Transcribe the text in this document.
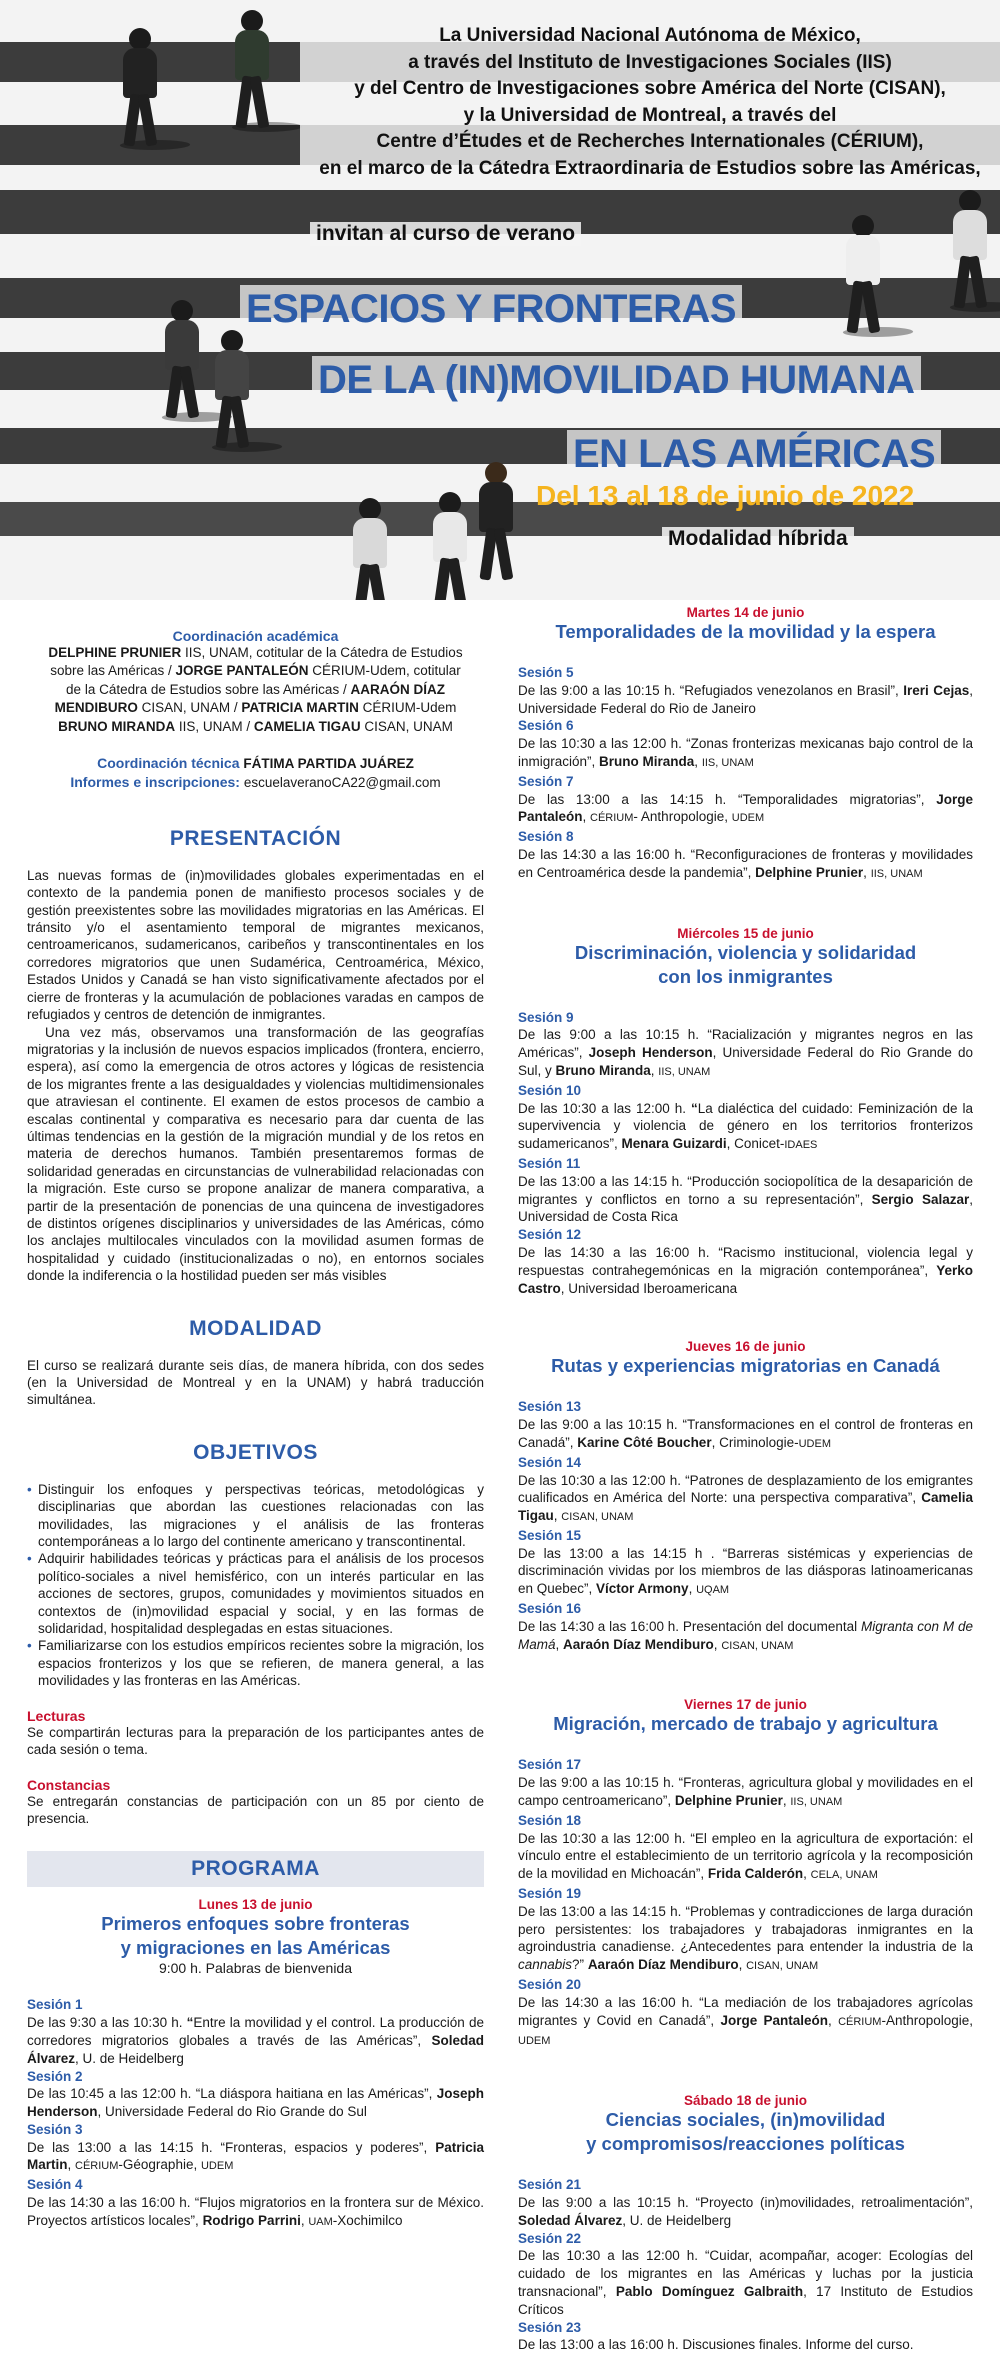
La Universidad Nacional Autónoma de México,
a través del Instituto de Investigaciones Sociales (IIS)
y del Centro de Investigaciones sobre América del Norte (CISAN),
y la Universidad de Montreal, a través del
Centre d’Études et de Recherches Internationales (CÉRIUM),
en el marco de la Cátedra Extraordinaria de Estudios sobre las Américas,
invitan al curso de verano
ESPACIOS Y FRONTERAS
DE LA (IN)MOVILIDAD HUMANA
EN LAS AMÉRICAS
Del 13 al 18 de junio de 2022
Modalidad híbrida
Coordinación académica
DELPHINE PRUNIER IIS, UNAM, cotitular de la Cátedra de Estudios
sobre las Américas / JORGE PANTALEÓN CÉRIUM-Udem, cotitular
de la Cátedra de Estudios sobre las Américas / AARAÓN DÍAZ
MENDIBURO CISAN, UNAM / PATRICIA MARTIN CÉRIUM-Udem
BRUNO MIRANDA IIS, UNAM / CAMELIA TIGAU CISAN, UNAM
Coordinación técnica FÁTIMA PARTIDA JUÁREZ
Informes e inscripciones: escuelaveranoCA22@gmail.com
PRESENTACIÓN

Las nuevas formas de (in)movilidades globales experimentadas en el contexto de la pandemia ponen de manifiesto procesos sociales y de gestión preexistentes sobre las movilidades migratorias en las Américas. El tránsito y/o el asentamiento temporal de migrantes mexicanos, centroamericanos, sudamericanos, caribeños y transcontinentales en los corredores migratorios que unen Sudamérica, Centroamérica, México, Estados Unidos y Canadá se han visto significativamente afectados por el cierre de fronteras y la acumulación de poblaciones varadas en campos de refugiados y centros de detención de inmigrantes.

Una vez más, observamos una transformación de las geografías migratorias y la inclusión de nuevos espacios implicados (frontera, encierro, espera), así como la emergencia de otros actores y lógicas de resistencia de los migrantes frente a las desigualdades y violencias multidimensionales que atraviesan el continente. El examen de estos procesos de cambio a escalas continental y comparativa es necesario para dar cuenta de las últimas tendencias en la gestión de la migración mundial y de los retos en materia de derechos humanos. También presentaremos formas de solidaridad generadas en circunstancias de vulnerabilidad relacionadas con la migración. Este curso se propone analizar de manera comparativa, a partir de la presentación de ponencias de una quincena de investigadores de distintos orígenes disciplinarios y universidades de las Américas, cómo los anclajes multilocales vinculados con la movilidad asumen formas de hospitalidad y cuidado (institucionalizadas o no), en entornos sociales donde la indiferencia o la hostilidad pueden ser más visibles

MODALIDAD

El curso se realizará durante seis días, de manera híbrida, con dos sedes (en la Universidad de Montreal y en la UNAM) y habrá traducción simultánea.

OBJETIVOS
• Distinguir los enfoques y perspectivas teóricas, metodológicas y disciplinarias que abordan las cuestiones relacionadas con las movilidades, las migraciones y el análisis de las fronteras contemporáneas a lo largo del continente americano y transcontinental.
• Adquirir habilidades teóricas y prácticas para el análisis de los procesos político-sociales a nivel hemisférico, con un interés particular en las acciones de sectores, grupos, comunidades y movimientos situados en contextos de (in)movilidad espacial y social, y en las formas de solidaridad, hospitalidad desplegadas en estas situaciones.
• Familiarizarse con los estudios empíricos recientes sobre la migración, los espacios fronterizos y los que se refieren, de manera general, a las movilidades y las fronteras en las Américas.
Lecturas

Se compartirán lecturas para la preparación de los participantes antes de cada sesión o tema.

Constancias

Se entregarán constancias de participación con un 85 por ciento de presencia.

PROGRAMA
Lunes 13 de junio
Primeros enfoques sobre fronteras
y migraciones en las Américas
9:00 h. Palabras de bienvenida
Sesión 1
De las 9:30 a las 10:30 h. “Entre la movilidad y el control. La producción de corredores migratorios globales a través de las Américas”, Soledad Álvarez, U. de Heidelberg
Sesión 2
De las 10:45 a las 12:00 h. “La diáspora haitiana en las Américas”, Joseph Henderson, Universidade Federal do Rio Grande do Sul
Sesión 3
De las 13:00 a las 14:15 h. “Fronteras, espacios y poderes”, Patricia Martin, CÉRIUM-Géographie, UDEM
Sesión 4
De las 14:30 a las 16:00 h. “Flujos migratorios en la frontera sur de México. Proyectos artísticos locales”, Rodrigo Parrini, UAM-Xochimilco
Martes 14 de junio
Temporalidades de la movilidad y la espera
Sesión 5
De las 9:00 a las 10:15 h. “Refugiados venezolanos en Brasil”, Ireri Cejas, Universidade Federal do Rio de Janeiro
Sesión 6
De las 10:30 a las 12:00 h. “Zonas fronterizas mexicanas bajo control de la inmigración”, Bruno Miranda, IIS, UNAM
Sesión 7
De las 13:00 a las 14:15 h. “Temporalidades migratorias”, Jorge Pantaleón, CÉRIUM- Anthropologie, UDEM
Sesión 8
De las 14:30 a las 16:00 h. “Reconfiguraciones de fronteras y movilidades en Centroamérica desde la pandemia”, Delphine Prunier, IIS, UNAM
Miércoles 15 de junio
Discriminación, violencia y solidaridad
con los inmigrantes
Sesión 9
De las 9:00 a las 10:15 h. “Racialización y migrantes negros en las Américas”, Joseph Henderson, Universidade Federal do Rio Grande do Sul, y Bruno Miranda, IIS, UNAM
Sesión 10
De las 10:30 a las 12:00 h. “La dialéctica del cuidado: Feminización de la supervivencia y violencia de género en los territorios fronterizos sudamericanos”, Menara Guizardi, Conicet-IDAES
Sesión 11
De las 13:00 a las 14:15 h. “Producción sociopolítica de la desaparición de migrantes y conflictos en torno a su representación”, Sergio Salazar, Universidad de Costa Rica
Sesión 12
De las 14:30 a las 16:00 h. “Racismo institucional, violencia legal y respuestas contrahegemónicas en la migración contemporánea”, Yerko Castro, Universidad Iberoamericana
Jueves 16 de junio
Rutas y experiencias migratorias en Canadá
Sesión 13
De las 9:00 a las 10:15 h. “Transformaciones en el control de fronteras en Canadá”, Karine Côté Boucher, Criminologie-UDEM
Sesión 14
De las 10:30 a las 12:00 h. “Patrones de desplazamiento de los emigrantes cualificados en América del Norte: una perspectiva comparativa”, Camelia Tigau, CISAN, UNAM
Sesión 15
De las 13:00 a las 14:15 h . “Barreras sistémicas y experiencias de discriminación vividas por los miembros de las diásporas latinoamericanas en Quebec”, Víctor Armony, UQAM
Sesión 16
De las 14:30 a las 16:00 h. Presentación del documental Migranta con M de Mamá, Aaraón Díaz Mendiburo, CISAN, UNAM
Viernes 17 de junio
Migración, mercado de trabajo y agricultura
Sesión 17
De las 9:00 a las 10:15 h. “Fronteras, agricultura global y movilidades en el campo centroamericano”, Delphine Prunier, IIS, UNAM
Sesión 18
De las 10:30 a las 12:00 h. “El empleo en la agricultura de exportación: el vínculo entre el establecimiento de un territorio agrícola y la recomposición de la movilidad en Michoacán”, Frida Calderón, CELA, UNAM
Sesión 19
De las 13:00 a las 14:15 h. “Problemas y contradicciones de larga duración pero persistentes: los trabajadores y trabajadoras inmigrantes en la agroindustria canadiense. ¿Antecedentes para entender la industria de la cannabis?” Aaraón Díaz Mendiburo, CISAN, UNAM
Sesión 20
De las 14:30 a las 16:00 h. “La mediación de los trabajadores agrícolas migrantes y Covid en Canadá”, Jorge Pantaleón, CÉRIUM-Anthropologie, UDEM
Sábado 18 de junio
Ciencias sociales, (in)movilidad
y compromisos/reacciones políticas
Sesión 21
De las 9:00 a las 10:15 h. “Proyecto (in)movilidades, retroalimentación”, Soledad Álvarez, U. de Heidelberg
Sesión 22
De las 10:30 a las 12:00 h. “Cuidar, acompañar, acoger: Ecologías del cuidado de los migrantes en las Américas y luchas por la justicia transnacional”, Pablo Domínguez Galbraith, 17 Instituto de Estudios Críticos
Sesión 23
De las 13:00 a las 16:00 h. Discusiones finales. Informe del curso.
